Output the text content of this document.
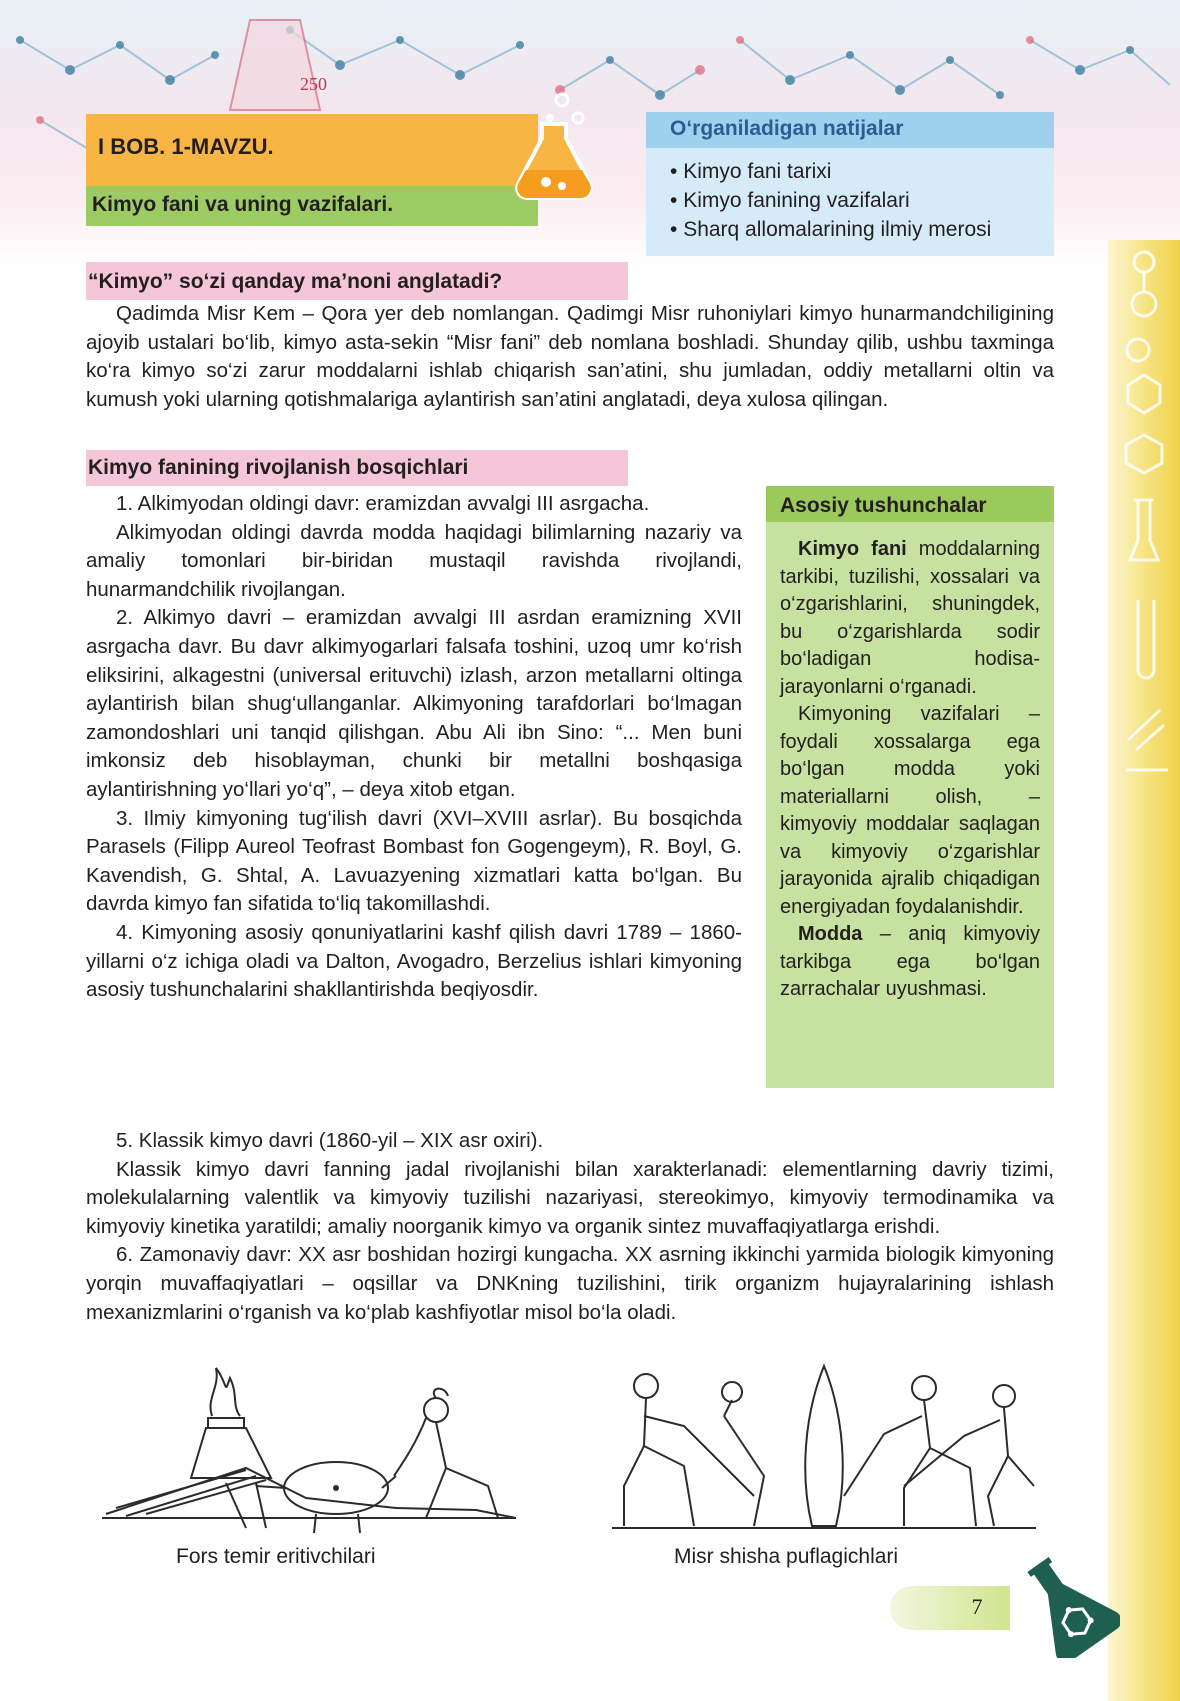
250
I BOB. 1-MAVZU.
Kimyo fani va uning vazifalari.
O‘rganiladigan natijalar
• Kimyo fani tarixi
• Kimyo fanining vazifalari
• Sharq allomalarining ilmiy merosi
“Kimyo” so‘zi qanday ma’noni anglatadi?

Qadimda Misr Kem – Qora yer deb nomlangan. Qadimgi Misr ruhoniylari kimyo hunarmandchiligining ajoyib ustalari bo‘lib, kimyo asta-sekin “Misr fani” deb nomlana boshladi. Shunday qilib, ushbu taxminga ko‘ra kimyo so‘zi zarur moddalarni ishlab chiqarish san’atini, shu jumladan, oddiy metallarni oltin va kumush yoki ularning qotishmalariga aylantirish san’atini anglatadi, deya xulosa qilingan.

Kimyo fanining rivojlanish bosqichlari

1. Alkimyodan oldingi davr: eramizdan avvalgi III asrgacha.

Alkimyodan oldingi davrda modda haqidagi bilimlarning nazariy va amaliy tomonlari bir-biridan mustaqil ravishda rivojlandi, hunarmandchilik rivojlangan.

2. Alkimyo davri – eramizdan avvalgi III asrdan eramizning XVII asrgacha davr. Bu davr alkimyogarlari falsafa toshini, uzoq umr ko‘rish eliksirini, alkagestni (universal erituvchi) izlash, arzon metallarni oltinga aylantirish bilan shug‘ullanganlar. Alkimyoning tarafdorlari bo‘lmagan zamondoshlari uni tanqid qilishgan. Abu Ali ibn Sino: “... Men buni imkonsiz deb hisoblayman, chunki bir metallni boshqasiga aylantirishning yo‘llari yo‘q”, – deya xitob etgan.

3. Ilmiy kimyoning tug‘ilish davri (XVI–XVIII asrlar). Bu bosqichda Parasels (Filipp Aureol Teofrast Bombast fon Gogengeym), R. Boyl, G. Kavendish, G. Shtal, A. Lavuazyening xizmatlari katta bo‘lgan. Bu davrda kimyo fan sifatida to‘liq takomillashdi.

4. Kimyoning asosiy qonuniyatlarini kashf qilish davri 1789 – 1860-yillarni o‘z ichiga oladi va Dalton, Avogadro, Berzelius ishlari kimyoning asosiy tushunchalarini shakllantirishda beqiyosdir.

Asosiy tushunchalar

Kimyo fani moddalarning tarkibi, tuzilishi, xossalari va o‘zgarishlarini, shuningdek, bu o‘zgarishlarda sodir bo‘ladigan hodisa-jarayonlarni o‘rganadi.

Kimyoning vazifalari – foydali xossalarga ega bo‘lgan modda yoki materiallarni olish, – kimyoviy moddalar saqlagan va kimyoviy o‘zgarishlar jarayonida ajralib chiqadigan energiyadan foydalanishdir.

Modda – aniq kimyoviy tarkibga ega bo‘lgan zarrachalar uyushmasi.

5. Klassik kimyo davri (1860-yil – XIX asr oxiri).

Klassik kimyo davri fanning jadal rivojlanishi bilan xarakterlanadi: elementlarning davriy tizimi, molekulalarning valentlik va kimyoviy tuzilishi nazariyasi, stereokimyo, kimyoviy termodinamika va kimyoviy kinetika yaratildi; amaliy noorganik kimyo va organik sintez muvaffaqiyatlarga erishdi.

6. Zamonaviy davr: XX asr boshidan hozirgi kungacha. XX asrning ikkinchi yarmida biologik kimyoning yorqin muvaffaqiyatlari – oqsillar va DNKning tuzilishini, tirik organizm hujayralarining ishlash mexanizmlarini o‘rganish va ko‘plab kashfiyotlar misol bo‘la oladi.

Fors temir eritivchilari	Misr shisha puflagichlari
7
